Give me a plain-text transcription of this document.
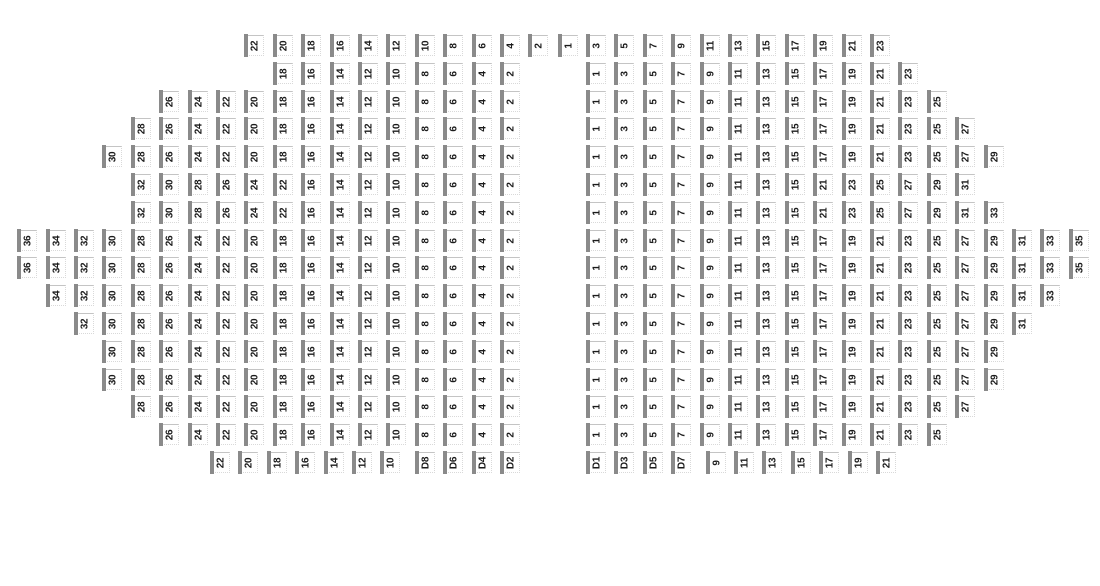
22 20 18 16 14 12 10 8 6 4 2 1 3 5 7 9 11 13 15 17 19 21 23
18 16 14 12 10 8 6 4 2	1 3 5 7 9 11 13 15 17 19 21 23
26 24 22 20 18 16 14 12 10 8 6 4 2	1 3 5 7 9 11 13 15 17 19 21 23 25
28 26 24 22 20 18 16 14 12 10 8 6 4 2	1 3 5 7 9 11 13 15 17 19 21 23 25 27
30 28 26 24 22 20 18 16 14 12 10 8 6 4 2	1 3 5 7 9 11 13 15 17 19 21 23 25 27 29
32 30 28 26 24 22 16 14 12 10 8 6 4 2	1 3 5 7 9 11 13 15 21 23 25 27 29 31
32 30 28 26 24 22 16 14 12 10 8 6 4 2	1 3 5 7 9 11 13 15 21 23 25 27 29 31 33
36 34 32 30 28 26 24 22 20 18 16 14 12 10 8 6 4 2	1 3 5 7 9 11 13 15 17 19 21 23 25 27 29 31 33 35
36 34 32 30 28 26 24 22 20 18 16 14 12 10 8 6 4 2	1 3 5 7 9 11 13 15 17 19 21 23 25 27 29 31 33 35
34 32 30 28 26 24 22 20 18 16 14 12 10 8 6 4 2	1 3 5 7 9 11 13 15 17 19 21 23 25 27 29 31 33
32 30 28 26 24 22 20 18 16 14 12 10 8 6 4 2	1 3 5 7 9 11 13 15 17 19 21 23 25 27 29 31
30 28 26 24 22 20 18 16 14 12 10 8 6 4 2	1 3 5 7 9 11 13 15 17 19 21 23 25 27 29
30 28 26 24 22 20 18 16 14 12 10 8 6 4 2	1 3 5 7 9 11 13 15 17 19 21 23 25 27 29
28 26 24 22 20 18 16 14 12 10 8 6 4 2	1 3 5 7 9 11 13 15 17 19 21 23 25 27
26 24 22 20 18 16 14 12 10 8 6 4 2	1 3 5 7 9 11 13 15 17 19 21 23 25
22 20 18 16 14 12 10 D8 D6 D4 D2	D1 D3 D5 D7 9 11 13 15 17 19 21
